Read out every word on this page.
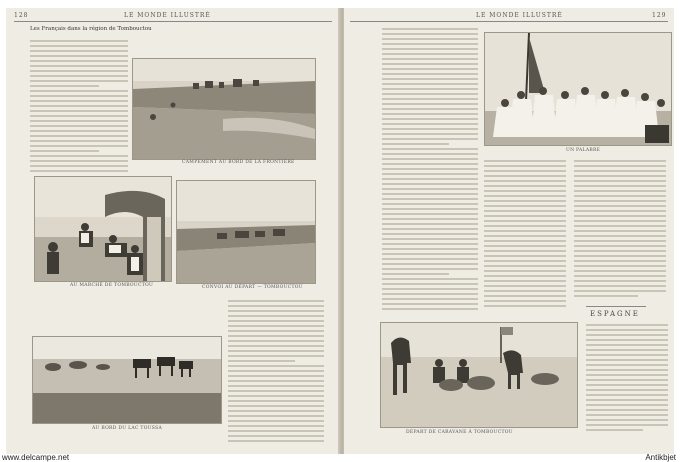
128	LE MONDE ILLUSTRÉ
Les Français dans la région de Tombouctou
CAMPEMENT AU BORD DE LA FRONTIÈRE
AU MARCHÉ DE TOMBOUCTOU	CONVOI AU DÉPART — TOMBOUCTOU
AU BORD DU LAC TOUSSA
LE MONDE ILLUSTRÉ	129
UN PALABRE
ESPAGNE
DÉPART DE CARAVANE À TOMBOUCTOU
www.delcampe.net	Antikbjet
